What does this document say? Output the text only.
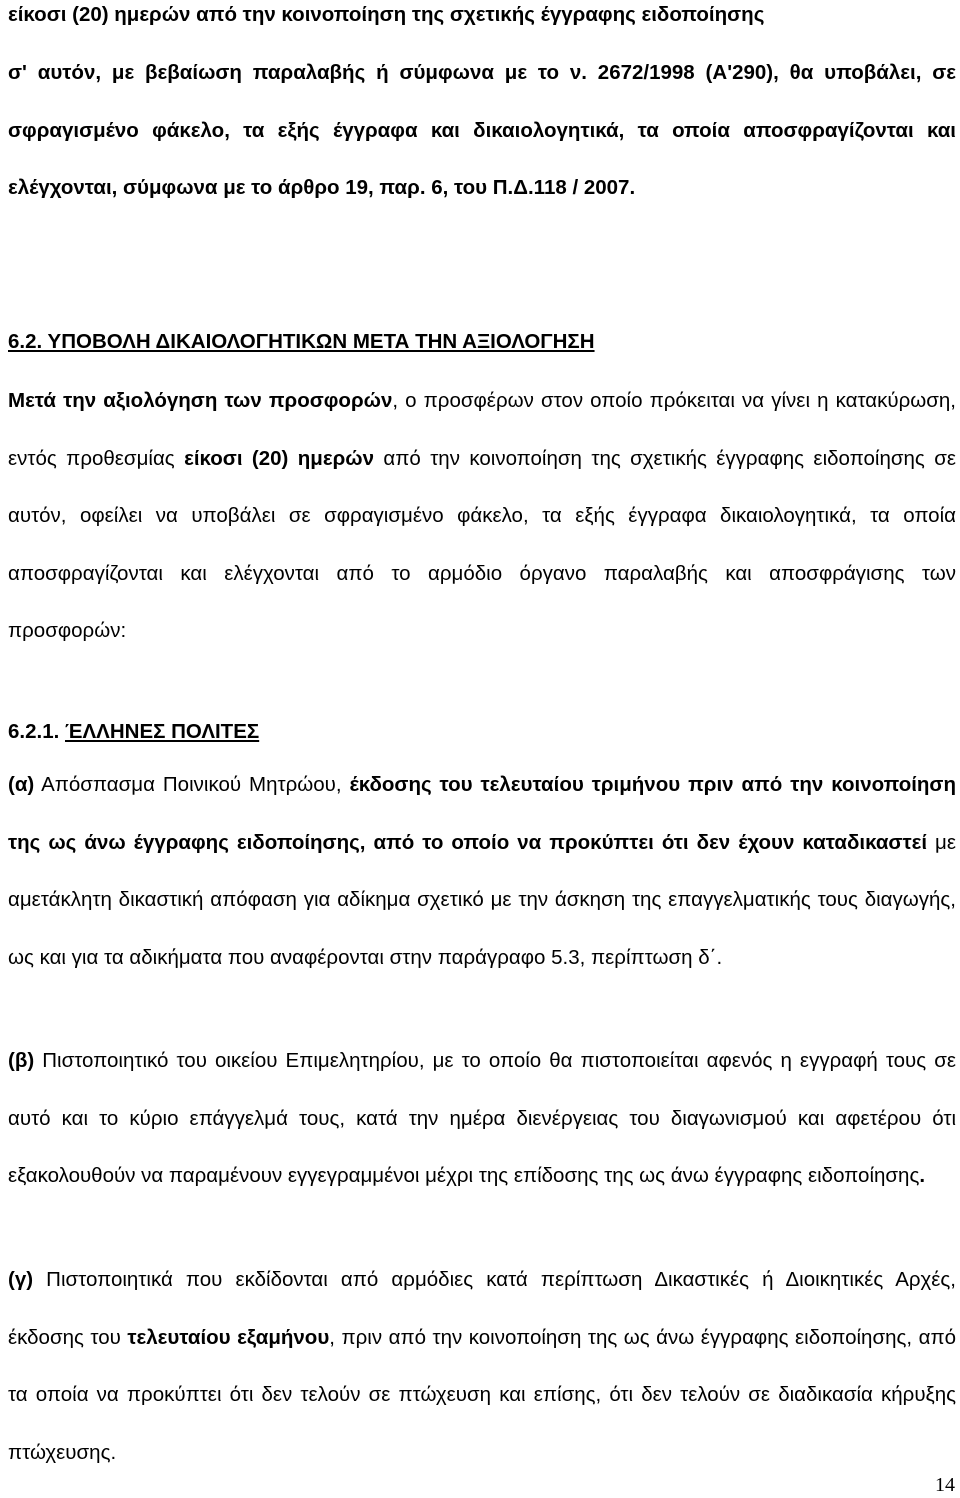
είκοσι (20) ημερών από την κοινοποίηση της σχετικής έγγραφης ειδοποίησης

σ' αυτόν, με βεβαίωση παραλαβής ή σύμφωνα με το ν. 2672/1998 (Α'290), θα υποβάλει, σε σφραγισμένο φάκελο, τα εξής έγγραφα και δικαιολογητικά, τα οποία αποσφραγίζονται και ελέγχονται, σύμφωνα με το άρθρο 19, παρ. 6, του Π.Δ.118 / 2007.

6.2. ΥΠΟΒΟΛΗ ΔΙΚΑΙΟΛΟΓΗΤΙΚΩΝ ΜΕΤΑ ΤΗΝ ΑΞΙΟΛΟΓΗΣΗ

Μετά την αξιολόγηση των προσφορών, ο προσφέρων στον οποίο πρόκειται να γίνει η κατακύρωση, εντός προθεσμίας είκοσι (20) ημερών από την κοινοποίηση της σχετικής έγγραφης ειδοποίησης σε αυτόν, οφείλει να υποβάλει σε σφραγισμένο φάκελο, τα εξής έγγραφα δικαιολογητικά, τα οποία αποσφραγίζονται και ελέγχονται από το αρμόδιο όργανο παραλαβής και αποσφράγισης των προσφορών:

6.2.1. ΈΛΛΗΝΕΣ ΠΟΛΙΤΕΣ

(α) Απόσπασμα Ποινικού Μητρώου, έκδοσης του τελευταίου τριμήνου πριν από την κοινοποίηση της ως άνω έγγραφης ειδοποίησης, από το οποίο να προκύπτει ότι δεν έχουν καταδικαστεί με αμετάκλητη δικαστική απόφαση για αδίκημα σχετικό με την άσκηση της επαγγελματικής τους διαγωγής, ως και για τα αδικήματα που αναφέρονται στην παράγραφο 5.3, περίπτωση δ΄.

(β) Πιστοποιητικό του οικείου Επιμελητηρίου, με το οποίο θα πιστοποιείται αφενός η εγγραφή τους σε αυτό και το κύριο επάγγελμά τους, κατά την ημέρα διενέργειας του διαγωνισμού και αφετέρου ότι εξακολουθούν να παραμένουν εγγεγραμμένοι μέχρι της επίδοσης της ως άνω έγγραφης ειδοποίησης.

(γ) Πιστοποιητικά που εκδίδονται από αρμόδιες κατά περίπτωση Δικαστικές ή Διοικητικές Αρχές, έκδοσης του τελευταίου εξαμήνου, πριν από την κοινοποίηση της ως άνω έγγραφης ειδοποίησης, από τα οποία να προκύπτει ότι δεν τελούν σε πτώχευση και επίσης, ότι δεν τελούν σε διαδικασία κήρυξης πτώχευσης.

14
